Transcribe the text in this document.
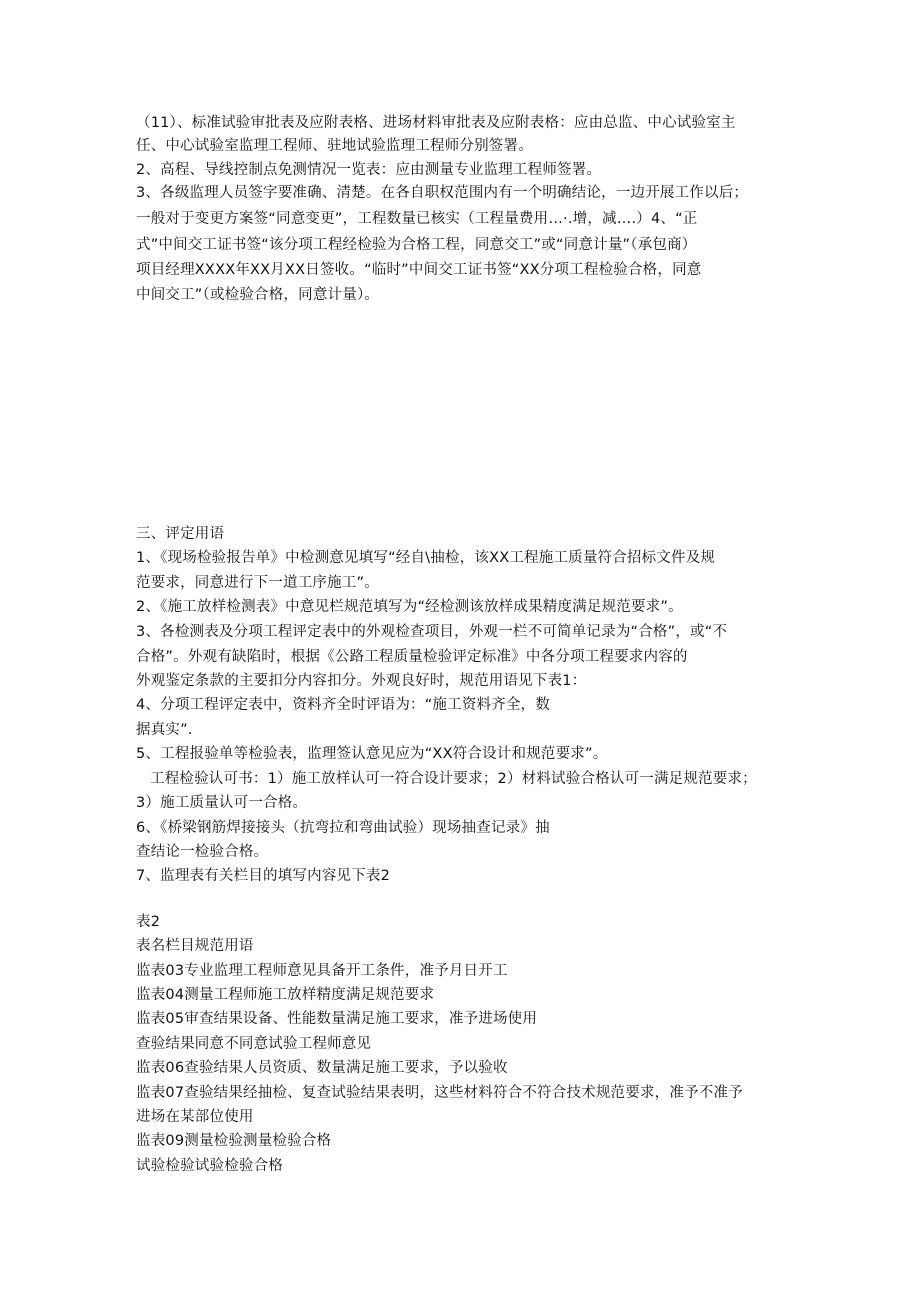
（11）、标准试验审批表及应附表格、进场材料审批表及应附表格：应由总监、中心试验室主

任、中心试验室监理工程师、驻地试验监理工程师分别签署。

2、高程、导线控制点免测情况一览表：应由测量专业监理工程师签署。

3、各级监理人员签字要准确、清楚。在各自职权范围内有一个明确结论，一边开展工作以后；

一般对于变更方案签“同意变更”，工程数量已核实（工程量费用…·.增，减….）4、“正

式”中间交工证书签“该分项工程经检验为合格工程，同意交工”或“同意计量”（承包商）

项目经理XXXX年XX月XX日签收。“临时”中间交工证书签“XX分项工程检验合格，同意

中间交工”（或检验合格，同意计量）。

三、评定用语

1、《现场检验报告单》中检测意见填写“经自\抽检，该XX工程施工质量符合招标文件及规

范要求，同意进行下一道工序施工”。

2、《施工放样检测表》中意见栏规范填写为“经检测该放样成果精度满足规范要求”。

3、各检测表及分项工程评定表中的外观检查项目，外观一栏不可简单记录为“合格”，或“不

合格”。外观有缺陷时，根据《公路工程质量检验评定标准》中各分项工程要求内容的

外观鉴定条款的主要扣分内容扣分。外观良好时，规范用语见下表1：

4、分项工程评定表中，资料齐全时评语为：“施工资料齐全，数

据真实”.

5、工程报验单等检验表，监理签认意见应为“XX符合设计和规范要求”。

工程检验认可书：1）施工放样认可一符合设计要求；2）材料试验合格认可一满足规范要求；

3）施工质量认可一合格。

6、《桥梁钢筋焊接接头（抗弯拉和弯曲试验）现场抽查记录》抽

查结论一检验合格。

7、监理表有关栏目的填写内容见下表2

表2

表名栏目规范用语

监表03专业监理工程师意见具备开工条件，准予月日开工

监表04测量工程师施工放样精度满足规范要求

监表05审查结果设备、性能数量满足施工要求，准予进场使用

查验结果同意不同意试验工程师意见

监表06查验结果人员资质、数量满足施工要求，予以验收

监表07查验结果经抽检、复查试验结果表明，这些材料符合不符合技术规范要求，准予不准予

进场在某部位使用

监表09测量检验测量检验合格

试验检验试验检验合格
